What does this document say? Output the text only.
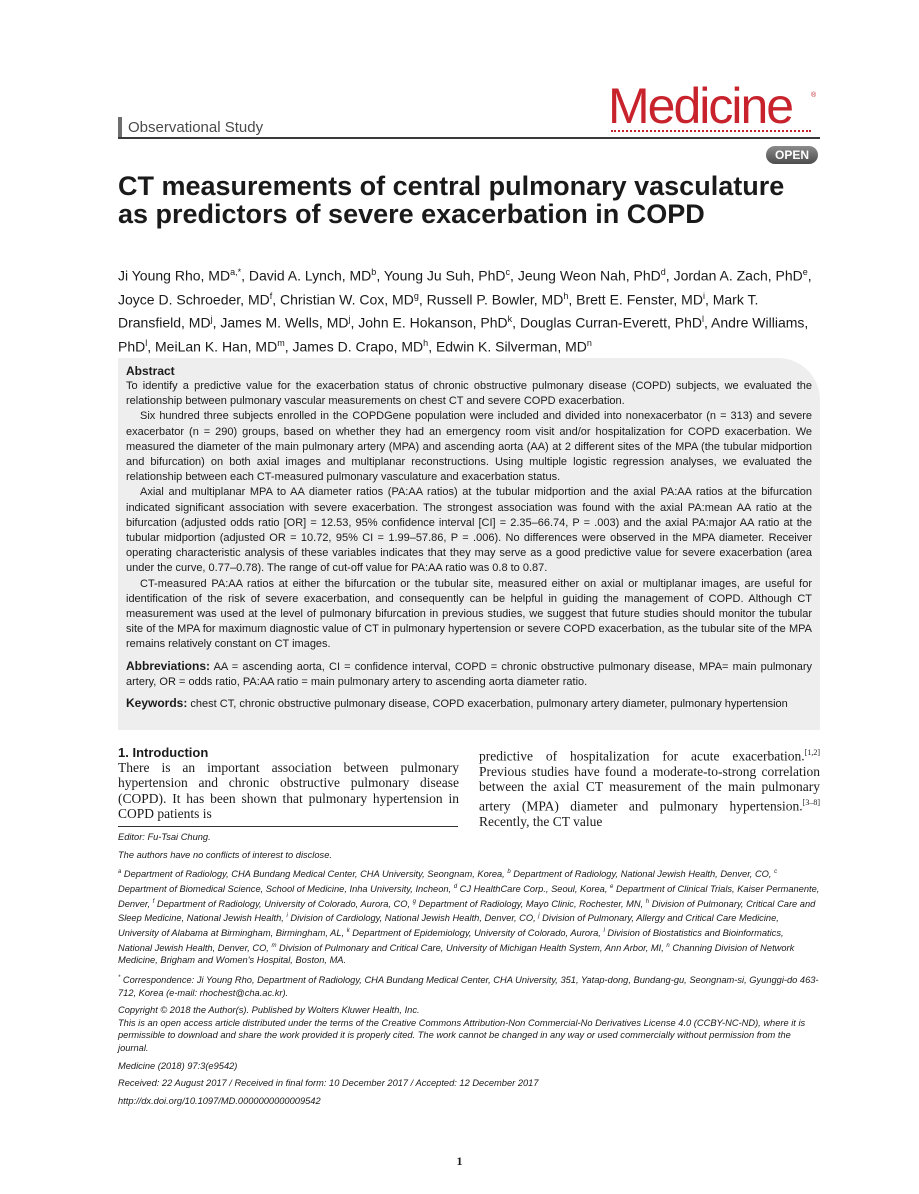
Observational Study	Medicine	®
OPEN
CT measurements of central pulmonary vasculature as predictors of severe exacerbation in COPD
Ji Young Rho, $MD^{a,*}$, David A. Lynch, $MD^b$, Young Ju Suh, PhD$^c$, Jeung Weon Nah, PhD$^d$, Jordan A. Zach, PhD$^e$, Joyce D. Schroeder, $MD^f$, Christian W. Cox, $MD^g$, Russell P. Bowler, $MD^h$, Brett E. Fenster, $MD^i$, Mark T. Dransfield, $MD^j$, James M. Wells, $MD^j$, John E. Hokanson, PhD$^k$, Douglas Curran-Everett, PhD$^l$, Andre Williams, PhD$^l$, MeiLan K. Han, $MD^m$, James D. Crapo, $MD^h$, Edwin K. Silverman, $MD^n$
Abstract

To identify a predictive value for the exacerbation status of chronic obstructive pulmonary disease (COPD) subjects, we evaluated the relationship between pulmonary vascular measurements on chest CT and severe COPD exacerbation.

Six hundred three subjects enrolled in the COPDGene population were included and divided into nonexacerbator (n = 313) and severe exacerbator (n = 290) groups, based on whether they had an emergency room visit and/or hospitalization for COPD exacerbation. We measured the diameter of the main pulmonary artery (MPA) and ascending aorta (AA) at 2 different sites of the MPA (the tubular midportion and bifurcation) on both axial images and multiplanar reconstructions. Using multiple logistic regression analyses, we evaluated the relationship between each CT-measured pulmonary vasculature and exacerbation status.

Axial and multiplanar MPA to AA diameter ratios (PA:AA ratios) at the tubular midportion and the axial PA:AA ratios at the bifurcation indicated significant association with severe exacerbation. The strongest association was found with the axial PA:mean AA ratio at the bifurcation (adjusted odds ratio [OR] = 12.53, 95% confidence interval [CI] = 2.35–66.74, P = .003) and the axial PA:major AA ratio at the tubular midportion (adjusted OR = 10.72, 95% CI = 1.99–57.86, P = .006). No differences were observed in the MPA diameter. Receiver operating characteristic analysis of these variables indicates that they may serve as a good predictive value for severe exacerbation (area under the curve, 0.77–0.78). The range of cut-off value for PA:AA ratio was 0.8 to 0.87.

CT-measured PA:AA ratios at either the bifurcation or the tubular site, measured either on axial or multiplanar images, are useful for identification of the risk of severe exacerbation, and consequently can be helpful in guiding the management of COPD. Although CT measurement was used at the level of pulmonary bifurcation in previous studies, we suggest that future studies should monitor the tubular site of the MPA for maximum diagnostic value of CT in pulmonary hypertension or severe COPD exacerbation, as the tubular site of the MPA remains relatively constant on CT images.

Abbreviations: AA = ascending aorta, CI = confidence interval, COPD = chronic obstructive pulmonary disease, MPA= main pulmonary artery, OR = odds ratio, PA:AA ratio = main pulmonary artery to ascending aorta diameter ratio.

Keywords: chest CT, chronic obstructive pulmonary disease, COPD exacerbation, pulmonary artery diameter, pulmonary hypertension

1. Introduction
There is an important association between pulmonary hypertension and chronic obstructive pulmonary disease (COPD). It has been shown that pulmonary hypertension in COPD patients is
predictive of hospitalization for acute exacerbation.[1,2] Previous studies have found a moderate-to-strong correlation between the axial CT measurement of the main pulmonary artery (MPA) diameter and pulmonary hypertension.[3–8] Recently, the CT value

Editor: Fu-Tsai Chung.

The authors have no conflicts of interest to disclose.

$^a$ Department of Radiology, CHA Bundang Medical Center, CHA University, Seongnam, Korea, $^b$ Department of Radiology, National Jewish Health, Denver, CO, $^c$ Department of Biomedical Science, School of Medicine, Inha University, Incheon, $^d$ CJ HealthCare Corp., Seoul, Korea, $^e$ Department of Clinical Trials, Kaiser Permanente, Denver, $^f$ Department of Radiology, University of Colorado, Aurora, CO, $^g$ Department of Radiology, Mayo Clinic, Rochester, MN, $^h$ Division of Pulmonary, Critical Care and Sleep Medicine, National Jewish Health, $^i$ Division of Cardiology, National Jewish Health, Denver, CO, $^j$ Division of Pulmonary, Allergy and Critical Care Medicine, University of Alabama at Birmingham, Birmingham, AL, $^k$ Department of Epidemiology, University of Colorado, Aurora, $^l$ Division of Biostatistics and Bioinformatics, National Jewish Health, Denver, CO, $^m$ Division of Pulmonary and Critical Care, University of Michigan Health System, Ann Arbor, MI, $^n$ Channing Division of Network Medicine, Brigham and Women's Hospital, Boston, MA.

* Correspondence: Ji Young Rho, Department of Radiology, CHA Bundang Medical Center, CHA University, 351, Yatap-dong, Bundang-gu, Seongnam-si, Gyunggi-do 463-712, Korea (e-mail: rhochest@cha.ac.kr).

Copyright © 2018 the Author(s). Published by Wolters Kluwer Health, Inc.

This is an open access article distributed under the terms of the Creative Commons Attribution-Non Commercial-No Derivatives License 4.0 (CCBY-NC-ND), where it is permissible to download and share the work provided it is properly cited. The work cannot be changed in any way or used commercially without permission from the journal.

Medicine (2018) 97:3(e9542)

Received: 22 August 2017 / Received in final form: 10 December 2017 / Accepted: 12 December 2017

http://dx.doi.org/10.1097/MD.0000000000009542

1
